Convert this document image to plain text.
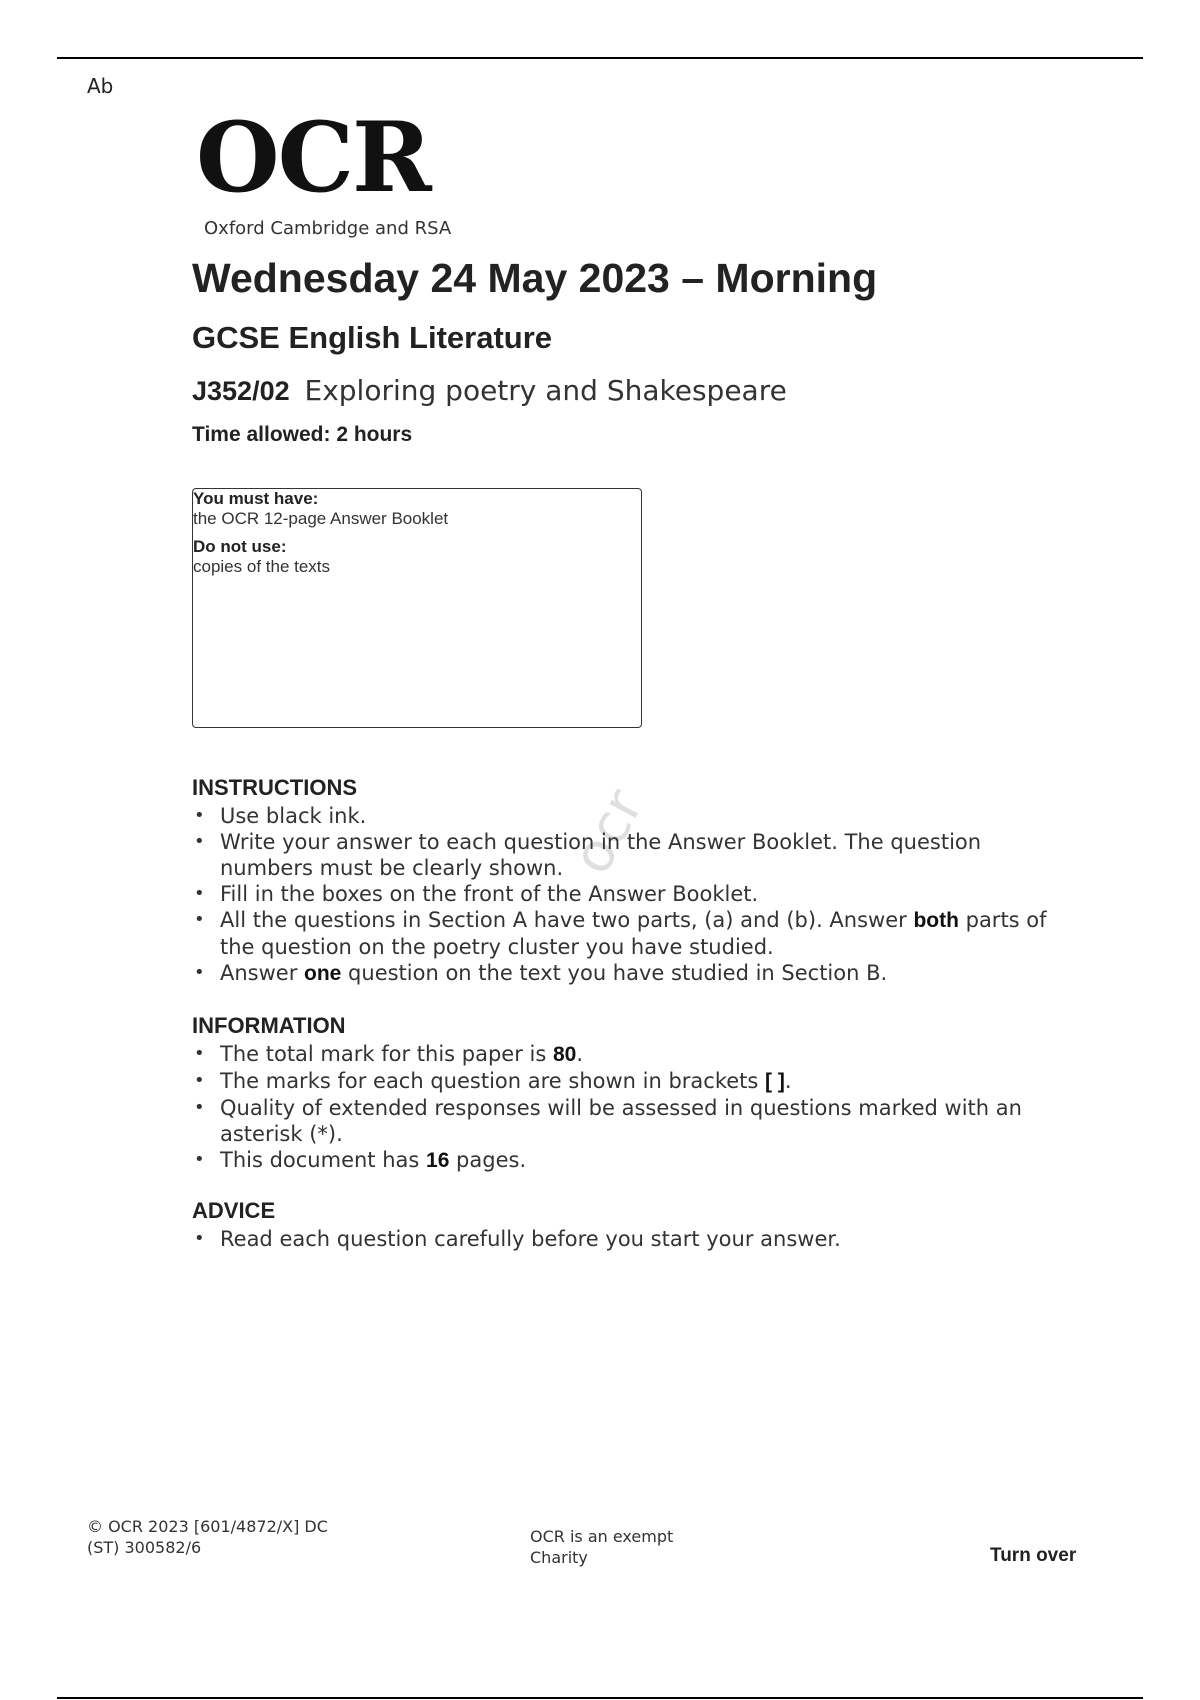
Ab
OCR
Oxford Cambridge and RSA
Wednesday 24 May 2023 – Morning
GCSE English Literature
J352/02 Exploring poetry and Shakespeare
Time allowed: 2 hours
You must have:
the OCR 12-page Answer Booklet
Do not use:
copies of the texts
ocr
INSTRUCTIONS
• Use black ink.
• Write your answer to each question in the Answer Booklet. The question numbers must be clearly shown.
• Fill in the boxes on the front of the Answer Booklet.
• All the questions in Section A have two parts, (a) and (b). Answer both parts of the question on the poetry cluster you have studied.
• Answer one question on the text you have studied in Section B.
INFORMATION
• The total mark for this paper is 80.
• The marks for each question are shown in brackets [ ].
• Quality of extended responses will be assessed in questions marked with an asterisk (*).
• This document has 16 pages.
ADVICE
• Read each question carefully before you start your answer.
© OCR 2023 [601/4872/X] DC
(ST) 300582/6
OCR is an exempt
Charity	Turn over
